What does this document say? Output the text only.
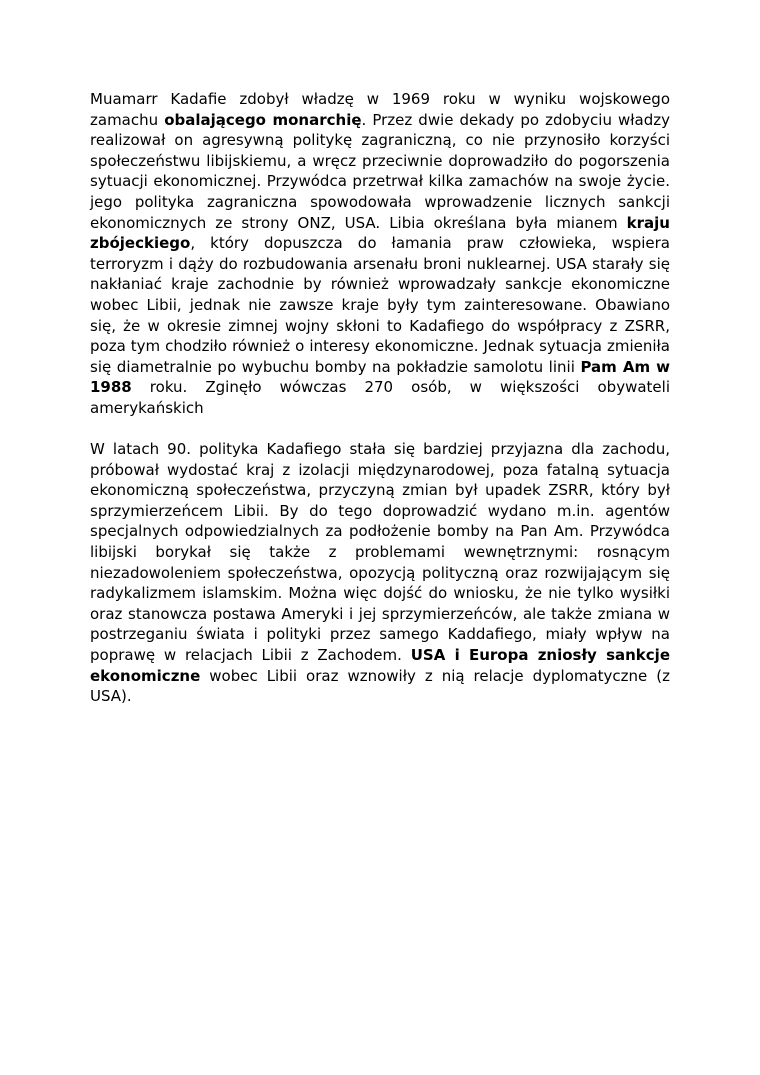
Muamarr Kadafie zdobył władzę w 1969 roku w wyniku wojskowego zamachu obalającego monarchię. Przez dwie dekady po zdobyciu władzy realizował on agresywną politykę zagraniczną, co nie przynosiło korzyści społeczeństwu libijskiemu, a wręcz przeciwnie doprowadziło do pogorszenia sytuacji ekonomicznej. Przywódca przetrwał kilka zamachów na swoje życie. jego polityka zagraniczna spowodowała wprowadzenie licznych sankcji ekonomicznych ze strony ONZ, USA. Libia określana była mianem kraju zbójeckiego, który dopuszcza do łamania praw człowieka, wspiera terroryzm i dąży do rozbudowania arsenału broni nuklearnej. USA starały się nakłaniać kraje zachodnie by również wprowadzały sankcje ekonomiczne wobec Libii, jednak nie zawsze kraje były tym zainteresowane. Obawiano się, że w okresie zimnej wojny skłoni to Kadafiego do współpracy z ZSRR, poza tym chodziło również o interesy ekonomiczne. Jednak sytuacja zmieniła się diametralnie po wybuchu bomby na pokładzie samolotu linii Pam Am w 1988 roku. Zginęło wówczas 270 osób, w większości obywateli amerykańskich

W latach 90. polityka Kadafiego stała się bardziej przyjazna dla zachodu, próbował wydostać kraj z izolacji międzynarodowej, poza fatalną sytuacja ekonomiczną społeczeństwa, przyczyną zmian był upadek ZSRR, który był sprzymierzeńcem Libii. By do tego doprowadzić wydano m.in. agentów specjalnych odpowiedzialnych za podłożenie bomby na Pan Am. Przywódca libijski borykał się także z problemami wewnętrznymi: rosnącym niezadowoleniem społeczeństwa, opozycją polityczną oraz rozwijającym się radykalizmem islamskim. Można więc dojść do wniosku, że nie tylko wysiłki oraz stanowcza postawa Ameryki i jej sprzymierzeńców, ale także zmiana w postrzeganiu świata i polityki przez samego Kaddafiego, miały wpływ na poprawę w relacjach Libii z Zachodem. USA i Europa zniosły sankcje ekonomiczne wobec Libii oraz wznowiły z nią relacje dyplomatyczne (z USA).
